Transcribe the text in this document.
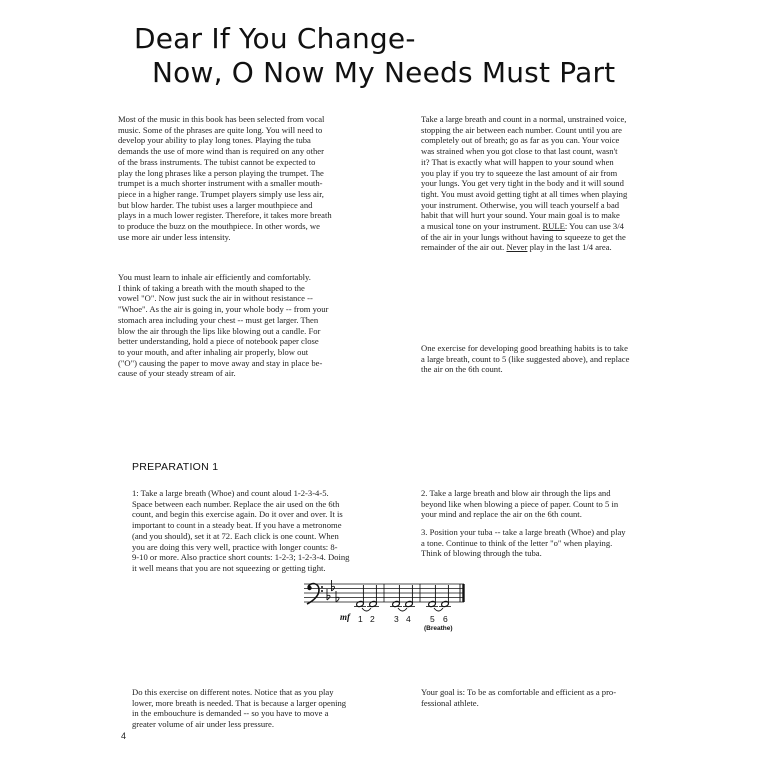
Dear If You Change-
Now, O Now My Needs Must Part
Most of the music in this book has been selected from vocal
music. Some of the phrases are quite long. You will need to
develop your ability to play long tones. Playing the tuba
demands the use of more wind than is required on any other
of the brass instruments. The tubist cannot be expected to
play the long phrases like a person playing the trumpet. The
trumpet is a much shorter instrument with a smaller mouth-
piece in a higher range. Trumpet players simply use less air,
but blow harder. The tubist uses a larger mouthpiece and
plays in a much lower register. Therefore, it takes more breath
to produce the buzz on the mouthpiece. In other words, we
use more air under less intensity.
Take a large breath and count in a normal, unstrained voice,
stopping the air between each number. Count until you are
completely out of breath; go as far as you can. Your voice
was strained when you got close to that last count, wasn't
it? That is exactly what will happen to your sound when
you play if you try to squeeze the last amount of air from
your lungs. You get very tight in the body and it will sound
tight. You must avoid getting tight at all times when playing
your instrument. Otherwise, you will teach yourself a bad
habit that will hurt your sound. Your main goal is to make
a musical tone on your instrument. RULE: You can use 3/4
of the air in your lungs without having to squeeze to get the
remainder of the air out. Never play in the last 1/4 area.
You must learn to inhale air efficiently and comfortably.
I think of taking a breath with the mouth shaped to the
vowel "O". Now just suck the air in without resistance --
"Whoe". As the air is going in, your whole body -- from your
stomach area including your chest -- must get larger. Then
blow the air through the lips like blowing out a candle. For
better understanding, hold a piece of notebook paper close
to your mouth, and after inhaling air properly, blow out
("O") causing the paper to move away and stay in place be-
cause of your steady stream of air.
One exercise for developing good breathing habits is to take
a large breath, count to 5 (like suggested above), and replace
the air on the 6th count.
PREPARATION 1
1: Take a large breath (Whoe) and count aloud 1-2-3-4-5.
Space between each number. Replace the air used on the 6th
count, and begin this exercise again. Do it over and over. It is
important to count in a steady beat. If you have a metronome
(and you should), set it at 72. Each click is one count. When
you are doing this very well, practice with longer counts: 8-
9-10 or more. Also practice short counts: 1-2-3; 1-2-3-4. Doing
it well means that you are not squeezing or getting tight.
2. Take a large breath and blow air through the lips and
beyond like when blowing a piece of paper. Count to 5 in
your mind and replace the air on the 6th count.
3. Position your tuba -- take a large breath (Whoe) and play
a tone. Continue to think of the letter "o" when playing.
Think of blowing through the tuba.
mf 1 2 3 4 5 6
(Breathe)
Do this exercise on different notes. Notice that as you play
lower, more breath is needed. That is because a larger opening
in the embouchure is demanded -- so you have to move a
greater volume of air under less pressure.
Your goal is: To be as comfortable and efficient as a pro-
fessional athlete.
4
